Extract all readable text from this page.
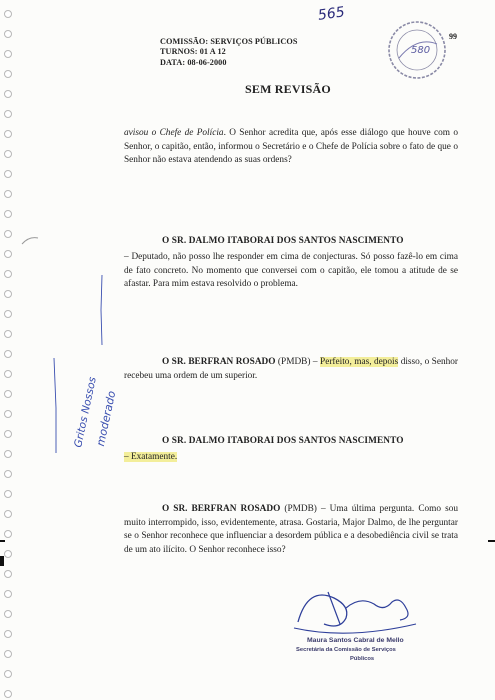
565
COMISSÃO: SERVIÇOS PÚBLICOS
TURNOS: 01 A 12
DATA: 08-06-2000
99
580
SEM REVISÃO
avisou o Chefe de Polícia. O Senhor acredita que, após esse diálogo que houve com o Senhor, o capitão, então, informou o Secretário e o Chefe de Polícia sobre o fato de que o Senhor não estava atendendo as suas ordens?
O SR. DALMO ITABORAI DOS SANTOS NASCIMENTO
– Deputado, não posso lhe responder em cima de conjecturas. Só posso fazê-lo em cima de fato concreto. No momento que conversei com o capitão, ele tomou a atitude de se afastar. Para mim estava resolvido o problema.
O SR. BERFRAN ROSADO (PMDB) – Perfeito, mas, depois disso, o Senhor recebeu uma ordem de um superior.
O SR. DALMO ITABORAI DOS SANTOS NASCIMENTO
– Exatamente.
O SR. BERFRAN ROSADO (PMDB) – Uma última pergunta. Como sou muito interrompido, isso, evidentemente, atrasa. Gostaria, Major Dalmo, de lhe perguntar se o Senhor reconhece que influenciar a desordem pública e a desobediência civil se trata de um ato ilícito. O Senhor reconhece isso?
Gritos Nossos
moderado
Maura Santos Cabral de Mello
Secretária da Comissão de Serviços
Públicos
